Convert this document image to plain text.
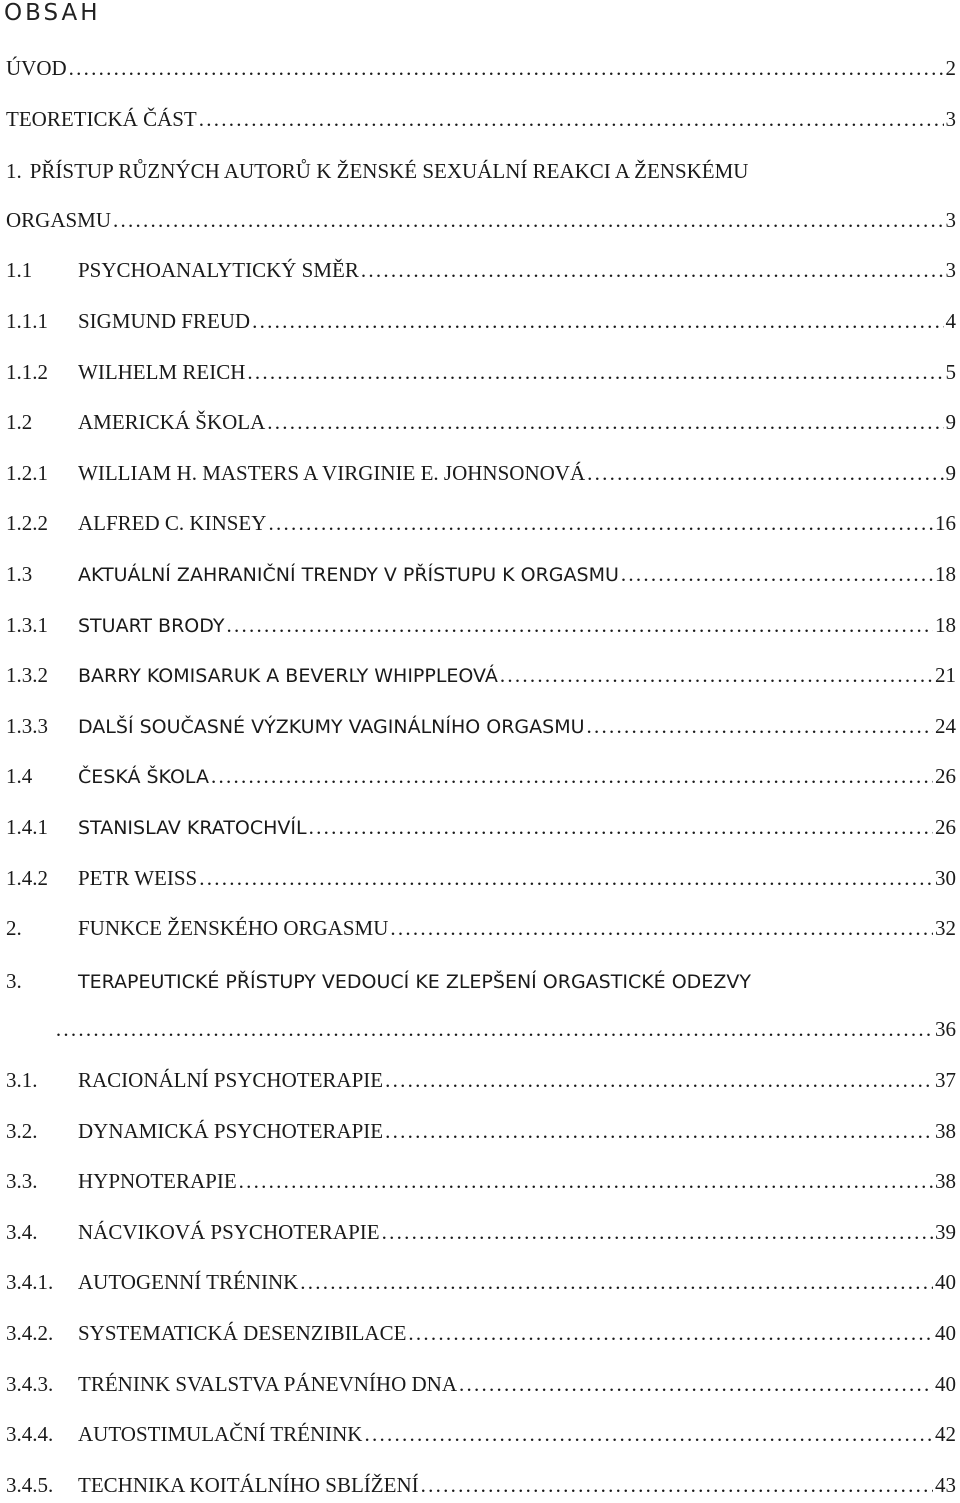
OBSAH
ÚVOD . . .	2
TEORETICKÁ ČÁST . . .	3
1. PŘÍSTUP RŮZNÝCH AUTORŮ K ŽENSKÉ SEXUÁLNÍ REAKCI A ŽENSKÉMU
ORGASMU . . .	3
1.1	PSYCHOANALYTICKÝ SMĚR . . .	3
1.1.1	SIGMUND FREUD . . .	4
1.1.2	WILHELM REICH . . .	5
1.2	AMERICKÁ ŠKOLA . . .	9
1.2.1	WILLIAM H. MASTERS A VIRGINIE E. JOHNSONOVÁ . . .	9
1.2.2	ALFRED C. KINSEY . . .	16
1.3	AKTUÁLNÍ ZAHRANIČNÍ TRENDY V PŘÍSTUPU K ORGASMU . . .	18
1.3.1	STUART BRODY . . .	18
1.3.2	BARRY KOMISARUK A BEVERLY WHIPPLEOVÁ . . .	21
1.3.3	DALŠÍ SOUČASNÉ VÝZKUMY VAGINÁLNÍHO ORGASMU . . .	24
1.4	ČESKÁ ŠKOLA . . .	26
1.4.1	STANISLAV KRATOCHVÍL . . .	26
1.4.2	PETR WEISS . . .	30
2.	FUNKCE ŽENSKÉHO ORGASMU . . .	32
3.	TERAPEUTICKÉ PŘÍSTUPY VEDOUCÍ KE ZLEPŠENÍ ORGASTICKÉ ODEZVY
. . .
36
3.1.	RACIONÁLNÍ PSYCHOTERAPIE . . .	37
3.2.	DYNAMICKÁ PSYCHOTERAPIE . . .	38
3.3.	HYPNOTERAPIE . . .	38
3.4.	NÁCVIKOVÁ PSYCHOTERAPIE . . .	39
3.4.1.	AUTOGENNÍ TRÉNINK . . .	40
3.4.2.	SYSTEMATICKÁ DESENZIBILACE . . .	40
3.4.3.	TRÉNINK SVALSTVA PÁNEVNÍHO DNA . . .	40
3.4.4.	AUTOSTIMULAČNÍ TRÉNINK . . .	42
3.4.5.	TECHNIKA KOITÁLNÍHO SBLÍŽENÍ . . .	43
